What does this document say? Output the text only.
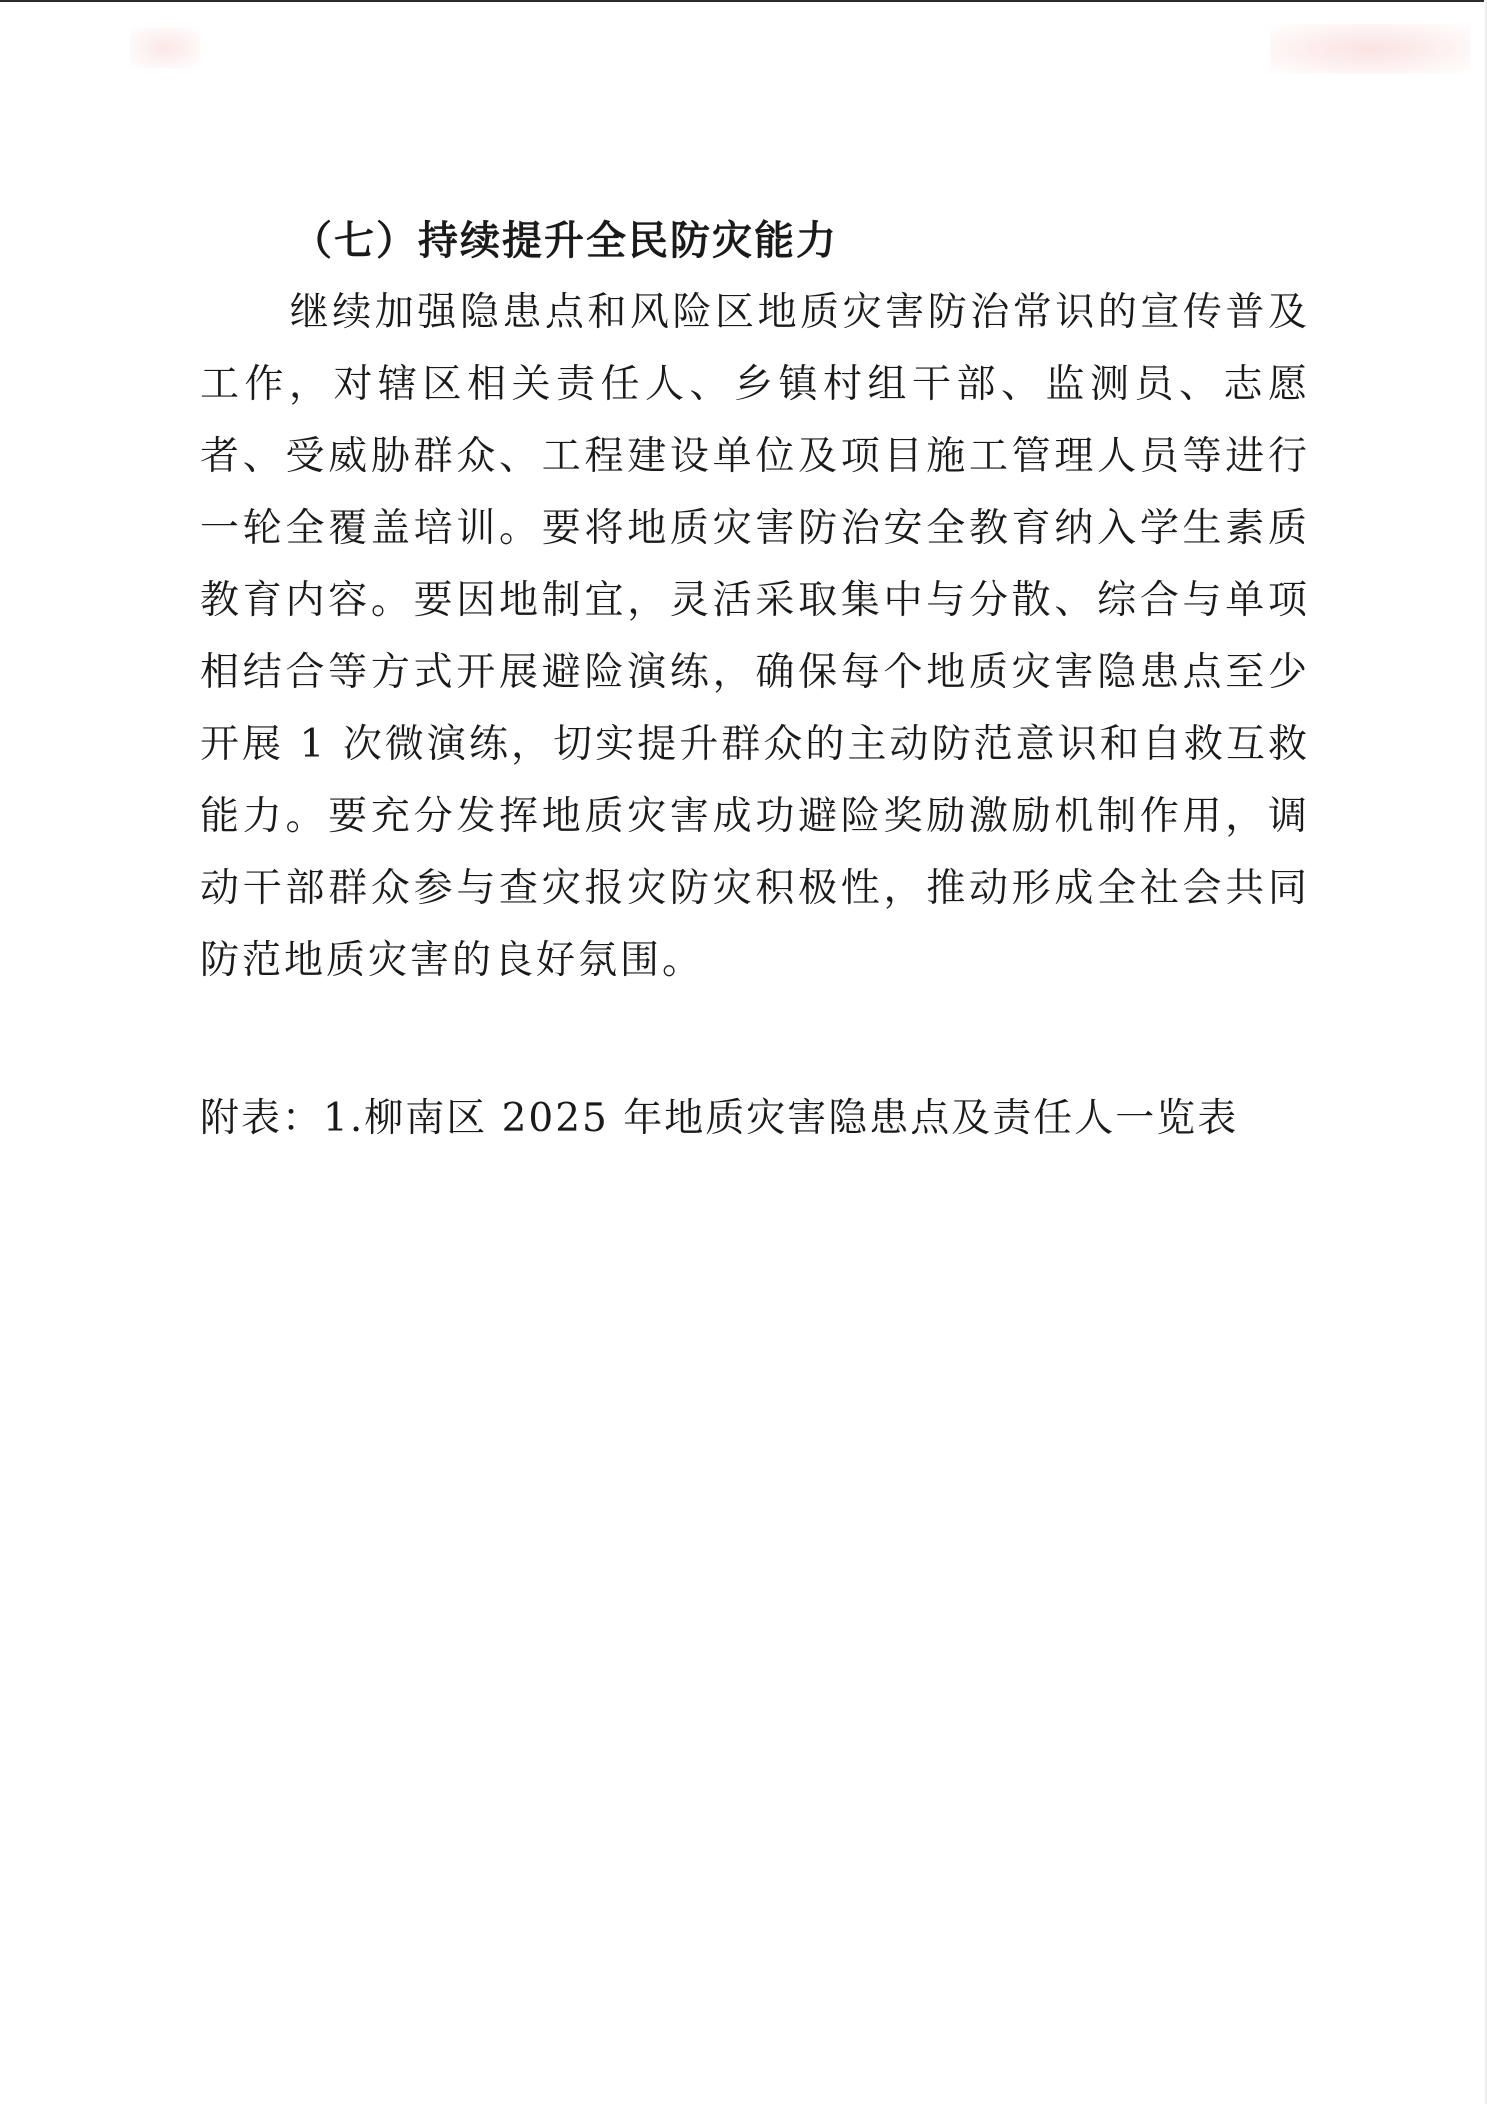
（七）持续提升全民防灾能力

继续加强隐患点和风险区地质灾害防治常识的宣传普及工作，对辖区相关责任人、乡镇村组干部、监测员、志愿者、受威胁群众、工程建设单位及项目施工管理人员等进行一轮全覆盖培训。要将地质灾害防治安全教育纳入学生素质教育内容。要因地制宜，灵活采取集中与分散、综合与单项相结合等方式开展避险演练，确保每个地质灾害隐患点至少开展 1 次微演练，切实提升群众的主动防范意识和自救互救能力。要充分发挥地质灾害成功避险奖励激励机制作用，调动干部群众参与查灾报灾防灾积极性，推动形成全社会共同防范地质灾害的良好氛围。

附表：1.柳南区 2025 年地质灾害隐患点及责任人一览表
